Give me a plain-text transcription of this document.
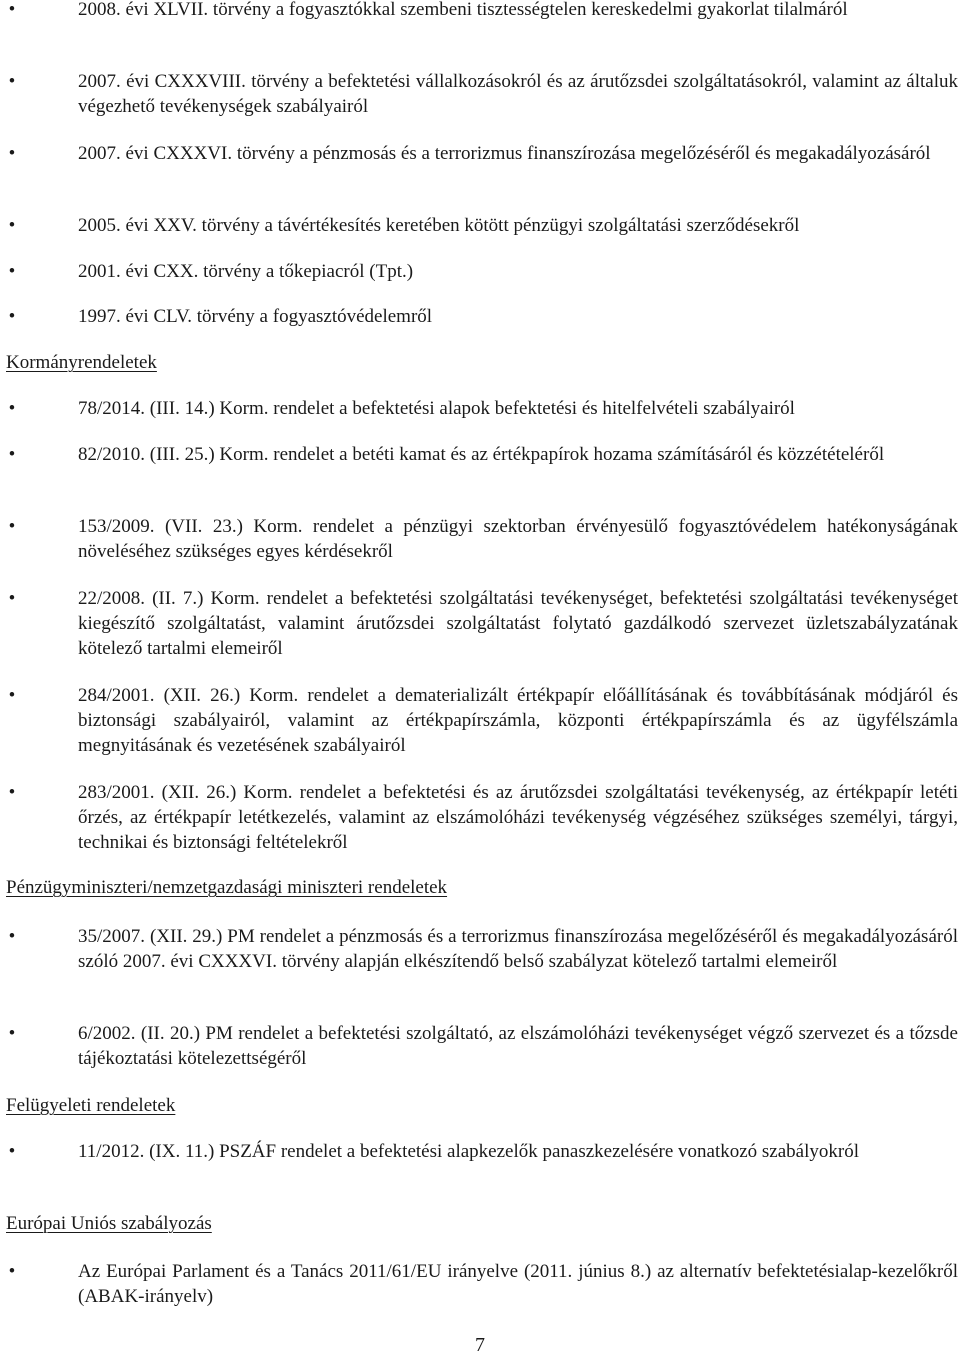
•	2008. évi XLVII. törvény a fogyasztókkal szembeni tisztességtelen kereskedelmi gyakorlat tilalmáról
•	2007. évi CXXXVIII. törvény a befektetési vállalkozásokról és az árutőzsdei szolgáltatásokról, valamint az általuk végezhető tevékenységek szabályairól
•	2007. évi CXXXVI. törvény a pénzmosás és a terrorizmus finanszírozása megelőzéséről és megakadályozásáról
•	2005. évi XXV. törvény a távértékesítés keretében kötött pénzügyi szolgáltatási szerződésekről
•	2001. évi CXX. törvény a tőkepiacról (Tpt.)
•	1997. évi CLV. törvény a fogyasztóvédelemről
Kormányrendeletek
•	78/2014. (III. 14.) Korm. rendelet a befektetési alapok befektetési és hitelfelvételi szabályairól
•	82/2010. (III. 25.) Korm. rendelet a betéti kamat és az értékpapírok hozama számításáról és közzétételéről
•	153/2009. (VII. 23.) Korm. rendelet a pénzügyi szektorban érvényesülő fogyasztóvédelem hatékonyságának növeléséhez szükséges egyes kérdésekről
•	22/2008. (II. 7.) Korm. rendelet a befektetési szolgáltatási tevékenységet, befektetési szolgáltatási tevékenységet kiegészítő szolgáltatást, valamint árutőzsdei szolgáltatást folytató gazdálkodó szervezet üzletszabályzatának kötelező tartalmi elemeiről
•	284/2001. (XII. 26.) Korm. rendelet a dematerializált értékpapír előállításának és továbbításának módjáról és biztonsági szabályairól, valamint az értékpapírszámla, központi értékpapírszámla és az ügyfélszámla megnyitásának és vezetésének szabályairól
•	283/2001. (XII. 26.) Korm. rendelet a befektetési és az árutőzsdei szolgáltatási tevékenység, az értékpapír letéti őrzés, az értékpapír letétkezelés, valamint az elszámolóházi tevékenység végzéséhez szükséges személyi, tárgyi, technikai és biztonsági feltételekről
Pénzügyminiszteri/nemzetgazdasági miniszteri rendeletek
•	35/2007. (XII. 29.) PM rendelet a pénzmosás és a terrorizmus finanszírozása megelőzéséről és megakadályozásáról szóló 2007. évi CXXXVI. törvény alapján elkészítendő belső szabályzat kötelező tartalmi elemeiről
•	6/2002. (II. 20.) PM rendelet a befektetési szolgáltató, az elszámolóházi tevékenységet végző szervezet és a tőzsde tájékoztatási kötelezettségéről
Felügyeleti rendeletek
•	11/2012. (IX. 11.) PSZÁF rendelet a befektetési alapkezelők panaszkezelésére vonatkozó szabályokról
Európai Uniós szabályozás
•	Az Európai Parlament és a Tanács 2011/61/EU irányelve (2011. június 8.) az alternatív befektetésialap-kezelőkről (ABAK-irányelv)
7
